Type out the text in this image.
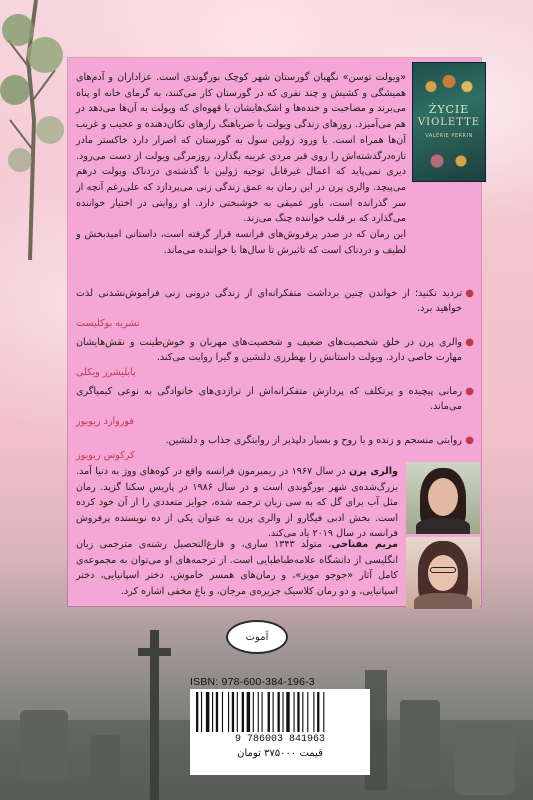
ŻYCIE
VIOLETTE
VALÉRIE PERRIN

«ویولت توسن» نگهبان گورستان شهر کوچک بورگوندی است. عزاداران و آدم‌های همیشگی و کشیش و چند نفری که در گورستان کار می‌کنند، به گرمای خانه او پناه می‌برند و مصاحبت و خنده‌ها و اشک‌هایشان با قهوه‌ای که ویولت به آن‌ها می‌دهد در هم می‌آمیزد. روزهای زندگی ویولت با ضرباهنگ رازهای تکان‌دهنده و عجیب و غریب آن‌ها همراه است. با ورود ژولین سول به گورستان که اصرار دارد خاکستر مادر تازه‌درگذشته‌اش را روی قبر مردی غریبه بگذارد، روزمرگی ویولت از دست می‌رود. دیری نمی‌پاید که اعمال غیرقابل توجیه ژولین با گذشته‌ی دردناک ویولت درهم می‌پیچد. والری پرن در این رمان به عمق زندگی زنی می‌پردازد که علی‌رغم آنچه از سر گذرانده است، باور عمیقی به خوشبختی دارد. او روایتی در اختیار خواننده می‌گذارد که بر قلب خواننده چنگ می‌زند.

این رمان که در صدر پرفروش‌های فرانسه قرار گرفته است، داستانی امیدبخش و لطیف و دردناک است که تاثیرش تا سال‌ها با خواننده می‌ماند.

●
تردید نکنید؛ از خواندن چنین برداشت متفکرانه‌ای از زندگی درونی زنی فراموش‌نشدنی لذت خواهید برد.
نشریه بوکلیست
●
والری پرن در خلق شخصیت‌های ضعیف و شخصیت‌های مهربان و خوش‌طینت و نقش‌هایشان مهارت خاصی دارد. ویولت داستانش را بهطرزی دلنشین و گیرا روایت می‌کند.
پابلیشرز ویکلی
●
رمانی پیچیده و پرتکلف که پردازش متفکرانه‌اش از تراژدی‌های خانوادگی به نوعی کیمیاگری می‌ماند.
فوروارد ریویوز
●
روایتی منسجم و زنده و با روح و بسیار دلپذیر از روایتگری جذاب و دلنشین.
کرکوس ریویوز
والری پرن در سال ۱۹۶۷ در ریمیرمون فرانسه واقع در کوه‌های ووژ به دنیا آمد. بزرگ‌شده‌ی شهر بورگوندی است و در سال ۱۹۸۶ در پاریس سکنا گزید. رمان مثل آب برای گل که به سی زبان ترجمه شده، جوایز متعددی را از آن خود کرده است. بخش ادبی فیگارو از والری پرن به عنوان یکی از ده نویسنده پرفروش فرانسه در سال ۲۰۱۹ یاد می‌کند.
مریم مفتاحی، متولد ۱۳۴۳ ساری، و فارغ‌التحصیل رشته‌ی مترجمی زبان انگلیسی از دانشگاه علامه‌طباطبایی است. از ترجمه‌های او می‌توان به مجموعه‌ی کامل آثار «جوجو مویز»، و رمان‌های همسر خاموش، دختر اسپانیایی، دختر اسپانیایی، و دو رمان کلاسیک جزیره‌ی مرجان، و باغ مخفی اشاره کرد.
آموت
ISBN: 978-600-384-196-3
9 786003 841963
قیمت ۳۷۵۰۰۰ تومان
